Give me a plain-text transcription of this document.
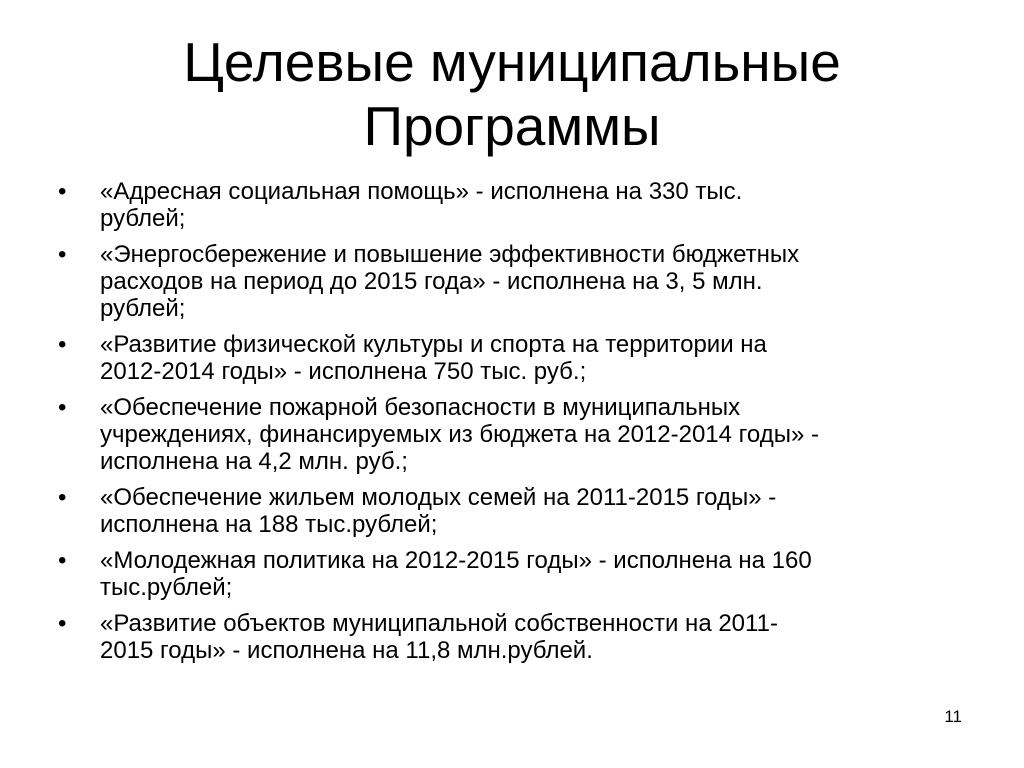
Целевые муниципальные
Программы
•	«Адресная социальная помощь» - исполнена на 330 тыс.
рублей;
•	«Энергосбережение и повышение эффективности бюджетных
расходов на период до 2015 года» - исполнена на 3, 5 млн.
рублей;
•	«Развитие физической культуры и спорта на территории на
2012-2014 годы» - исполнена 750 тыс. руб.;
•	«Обеспечение пожарной безопасности в муниципальных
учреждениях, финансируемых из бюджета на 2012-2014 годы» -
исполнена на 4,2 млн. руб.;
•	«Обеспечение жильем молодых семей на 2011-2015 годы» -
исполнена на 188 тыс.рублей;
•	«Молодежная политика на 2012-2015 годы» - исполнена на 160
тыс.рублей;
•	«Развитие объектов муниципальной собственности на 2011-
2015 годы» - исполнена на 11,8 млн.рублей.
11
